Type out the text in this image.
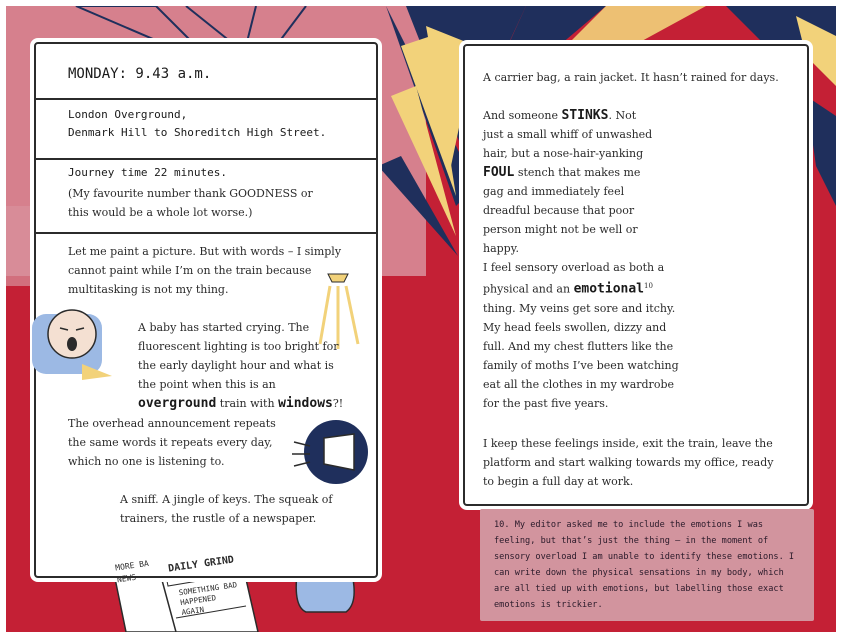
MONDAY: 9.43 a.m.
London Overground,
Denmark Hill to Shoreditch High Street.
Journey time 22 minutes.
(My favourite number thank GOODNESS or this would be a whole lot worse.)
Let me paint a picture. But with words – I simply cannot paint while I’m on the train because multitasking is not my thing.
A baby has started crying. The fluorescent lighting is too bright for the early daylight hour and what is the point when this is an overground train with windows?!
The overhead announcement repeats the same words it repeats every day, which no one is listening to.
A sniff. A jingle of keys. The squeak of trainers, the rustle of a newspaper.
MORE BA NEWS
DAILY GRIND
SOMETHING BAD HAPPENED AGAIN
A carrier bag, a rain jacket. It hasn’t rained for days.
And someone STINKS. Not just a small whiff of unwashed hair, but a nose-hair-yanking FOUL stench that makes me gag and immediately feel dreadful because that poor person might not be well or happy.
I feel sensory overload as both a physical and an emotional$^{10}$ thing. My veins get sore and itchy. My head feels swollen, dizzy and full. And my chest flutters like the family of moths I’ve been watching eat all the clothes in my wardrobe for the past five years.
I keep these feelings inside, exit the train, leave the platform and start walking towards my office, ready to begin a full day at work.
10. My editor asked me to include the emotions I was feeling, but that’s just the thing – in the moment of sensory overload I am unable to identify these emotions. I can write down the physical sensations in my body, which are all tied up with emotions, but labelling those exact emotions is trickier.
